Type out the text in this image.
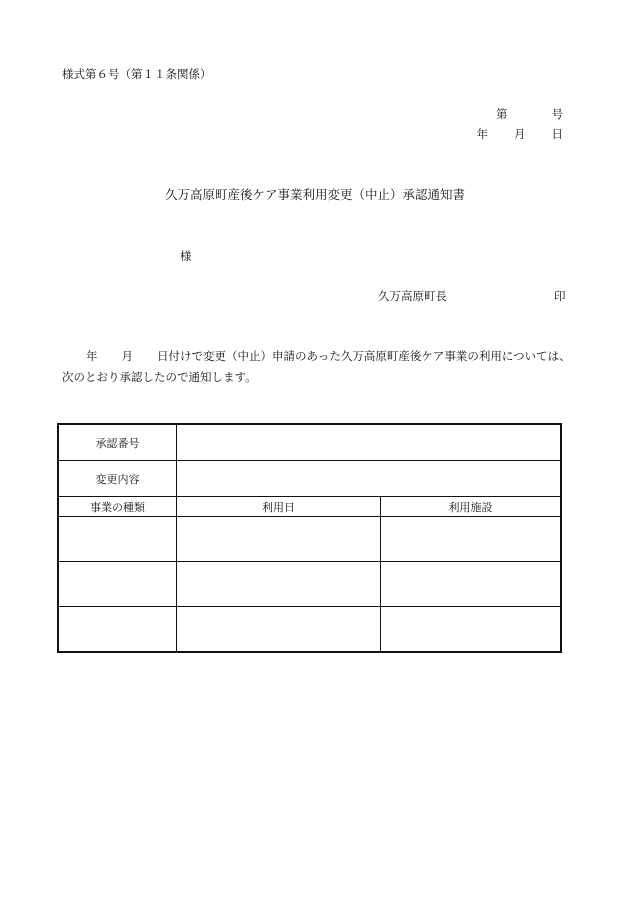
様式第６号（第１１条関係）
第	号
年 月 日
久万高原町産後ケア事業利用変更（中止）承認通知書
様
久万高原町長	印
年 月 日付けで変更（中止）申請のあった久万高原町産後ケア事業の利用については、
次のとおり承認したので通知します。
承認番号		
変更内容		
事業の種類	利用日	利用施設
